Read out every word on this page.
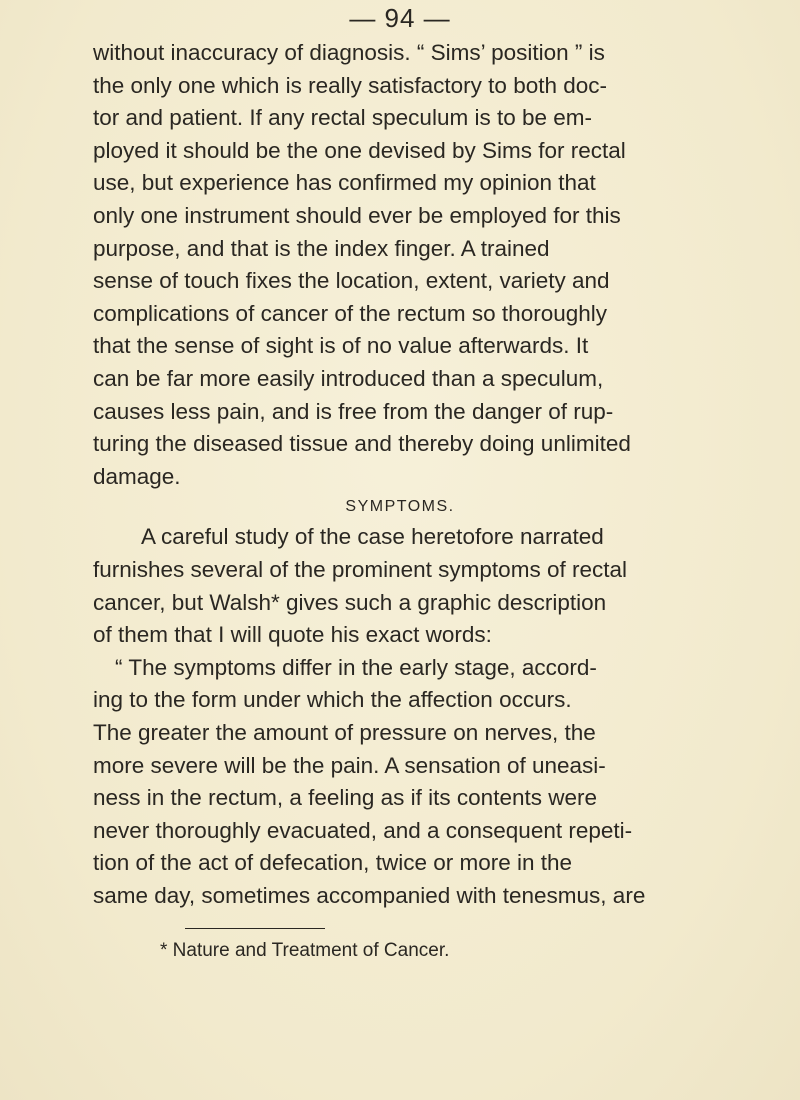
— 94 —
SYMPTOMS.
* Nature and Treatment of Cancer.
without inaccuracy of diagnosis. “ Sims’ position ” is
the only one which is really satisfactory to both doc-
tor and patient. If any rectal speculum is to be em-
ployed it should be the one devised by Sims for rectal
use, but experience has confirmed my opinion that
only one instrument should ever be employed for this
purpose, and that is the index finger. A trained
sense of touch fixes the location, extent, variety and
complications of cancer of the rectum so thoroughly
that the sense of sight is of no value afterwards. It
can be far more easily introduced than a speculum,
causes less pain, and is free from the danger of rup-
turing the diseased tissue and thereby doing unlimited
damage.
A careful study of the case heretofore narrated
furnishes several of the prominent symptoms of rectal
cancer, but Walsh* gives such a graphic description
of them that I will quote his exact words:
“ The symptoms differ in the early stage, accord-
ing to the form under which the affection occurs.
The greater the amount of pressure on nerves, the
more severe will be the pain. A sensation of uneasi-
ness in the rectum, a feeling as if its contents were
never thoroughly evacuated, and a consequent repeti-
tion of the act of defecation, twice or more in the
same day, sometimes accompanied with tenesmus, are
